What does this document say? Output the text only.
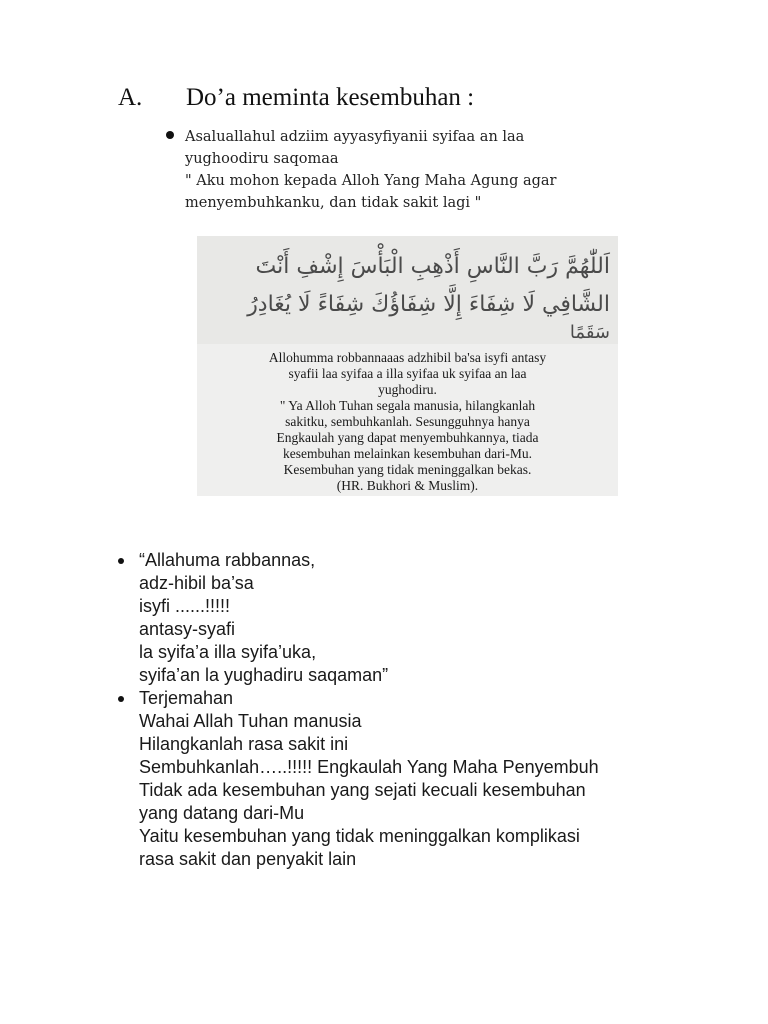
A. Do’a meminta kesembuhan :
Asaluallahul adziim ayyasyfiyanii syifaa an laa
yughoodiru saqomaa
" Aku mohon kepada Alloh Yang Maha Agung agar
menyembuhkanku, dan tidak sakit lagi "
اَللّٰهُمَّ رَبَّ النَّاسِ أَذْهِبِ الْبَأْسَ إِشْفِ أَنْتَ
الشَّافِي لَا شِفَاءَ إِلَّا شِفَاؤُكَ شِفَاءً لَا يُغَادِرُ
سَقَمًا
Allohumma robbannaaas adzhibil ba'sa isyfi antasy
syafii laa syifaa a illa syifaa uk syifaa an laa
yughodiru.
" Ya Alloh Tuhan segala manusia, hilangkanlah
sakitku, sembuhkanlah. Sesungguhnya hanya
Engkaulah yang dapat menyembuhkannya, tiada
kesembuhan melainkan kesembuhan dari-Mu.
Kesembuhan yang tidak meninggalkan bekas.
(HR. Bukhori & Muslim).
“Allahuma rabbannas,
adz-hibil ba’sa
isyfi ......!!!!!
antasy-syafi
la syifa’a illa syifa’uka,
syifa’an la yughadiru saqaman”
Terjemahan
Wahai Allah Tuhan manusia
Hilangkanlah rasa sakit ini
Sembuhkanlah…..!!!!! Engkaulah Yang Maha Penyembuh
Tidak ada kesembuhan yang sejati kecuali kesembuhan
yang datang dari-Mu
Yaitu kesembuhan yang tidak meninggalkan komplikasi
rasa sakit dan penyakit lain
